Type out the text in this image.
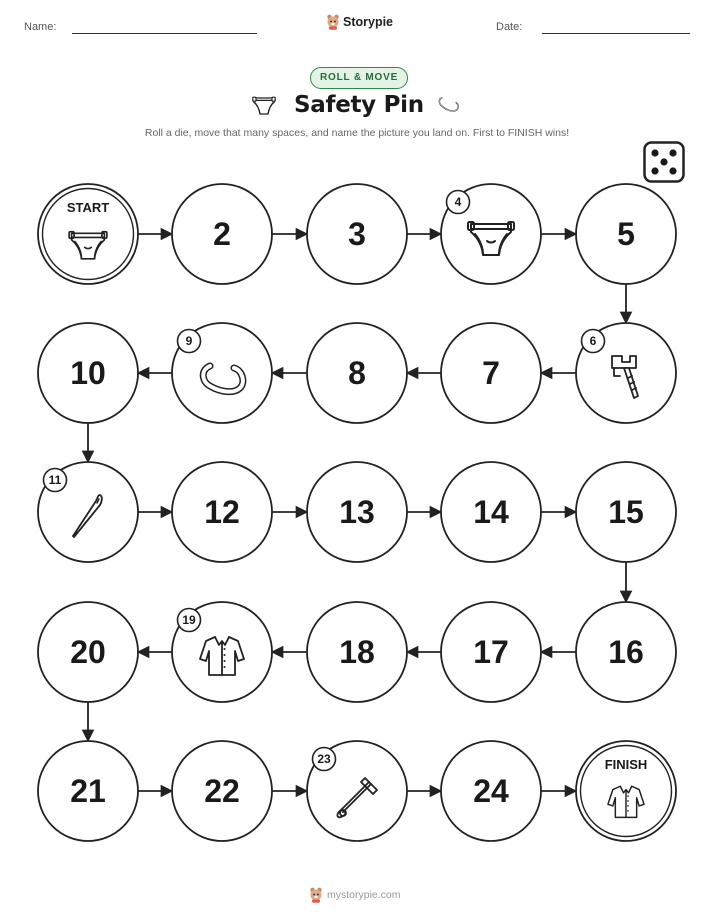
Name:	Storypie	Date:
ROLL & MOVE
Safety Pin
Roll a die, move that many spaces, and name the picture you land on. First to FINISH wins!
START
2	3
4
5
6
7
8
9
10
11
12	13	14	15
16
17
18
19
20
21	22
23
24
FINISH
mystorypie.com
